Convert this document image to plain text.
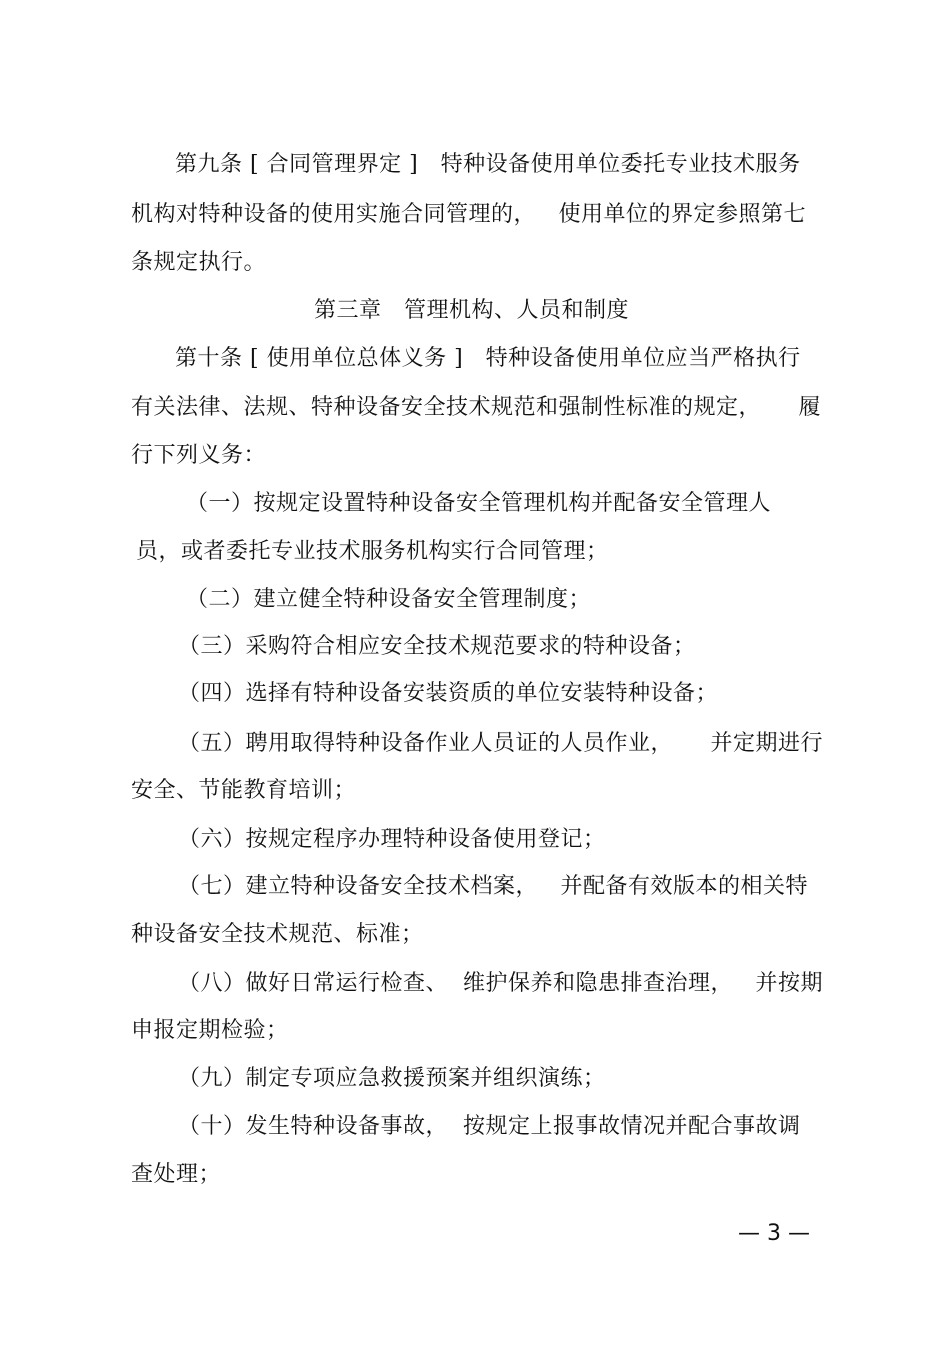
第九条 [ 合同管理界定 ]   特种设备使用单位委托专业技术服务
机构对特种设备的使用实施合同管理的，   使用单位的界定参照第七
条规定执行。
第三章   管理机构、人员和制度
第十条 [ 使用单位总体义务 ]   特种设备使用单位应当严格执行
有关法律、法规、特种设备安全技术规范和强制性标准的规定，     履
行下列义务：
（一）按规定设置特种设备安全管理机构并配备安全管理人
员，或者委托专业技术服务机构实行合同管理；
（二）建立健全特种设备安全管理制度；
（三）采购符合相应安全技术规范要求的特种设备；
（四）选择有特种设备安装资质的单位安装特种设备；
（五）聘用取得特种设备作业人员证的人员作业，     并定期进行
安全、节能教育培训；
（六）按规定程序办理特种设备使用登记；
（七）建立特种设备安全技术档案，   并配备有效版本的相关特
种设备安全技术规范、标准；
（八）做好日常运行检查、  维护保养和隐患排查治理，   并按期
申报定期检验；
（九）制定专项应急救援预案并组织演练；
（十）发生特种设备事故，  按规定上报事故情况并配合事故调
查处理；
— 3 —
